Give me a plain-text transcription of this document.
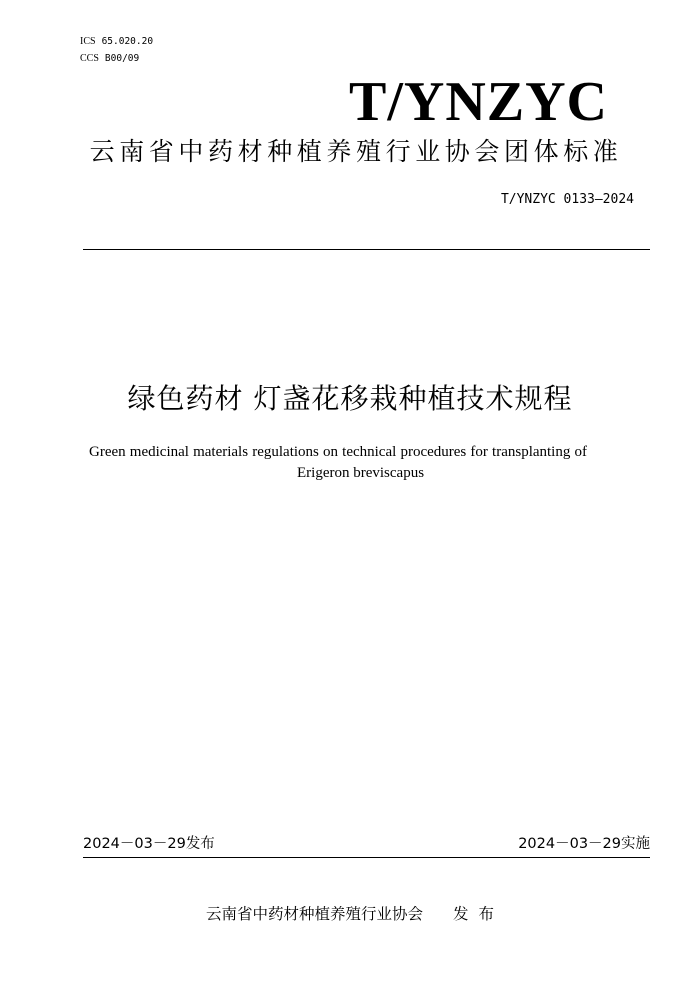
ICS 65.020.20
CCS B00/09
T/YNZYC
云南省中药材种植养殖行业协会团体标准
T/YNZYC 0133—2024
绿色药材 灯盏花移栽种植技术规程
Green medicinal materials regulations on technical procedures for transplanting of
Erigeron breviscapus
2024－03－29发布	2024－03－29实施
云南省中药材种植养殖行业协会 发布
